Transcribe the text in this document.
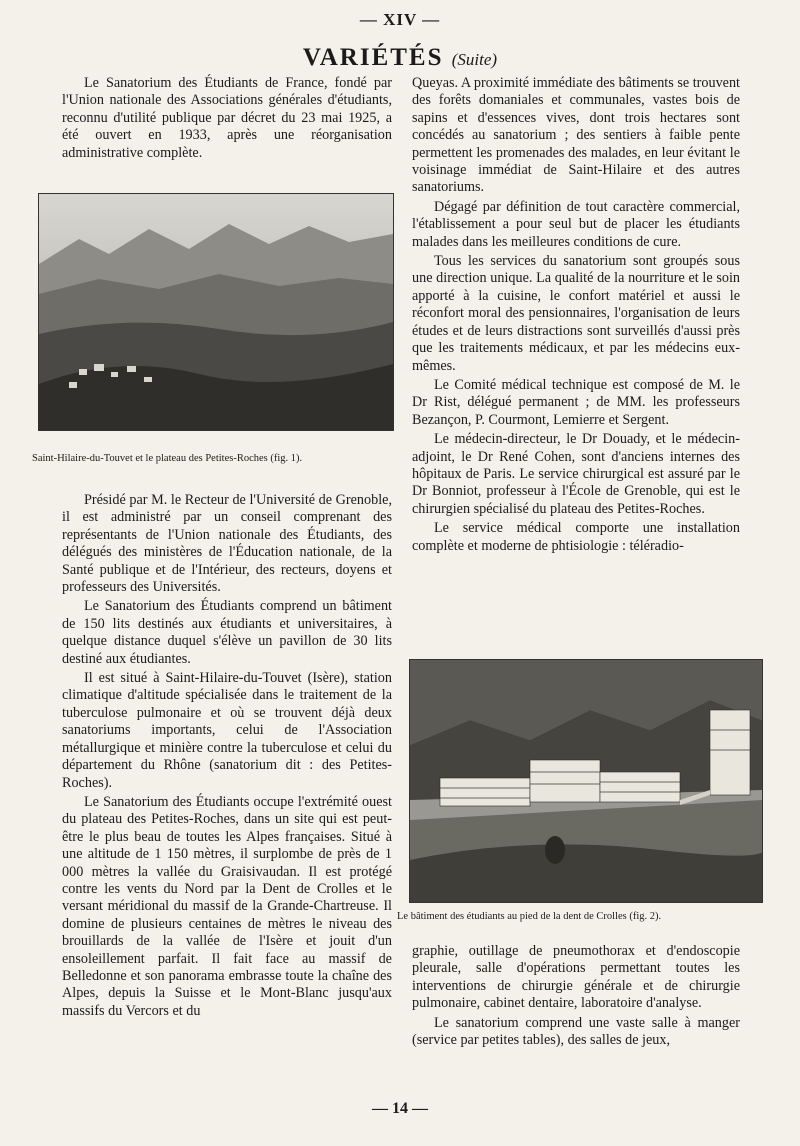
— XIV —
VARIÉTÉS (Suite)

Le Sanatorium des Étudiants de France, fondé par l'Union nationale des Associations générales d'étudiants, reconnu d'utilité publique par décret du 23 mai 1925, a été ouvert en 1933, après une réorganisation administrative complète.

Saint-Hilaire-du-Touvet et le plateau des Petites-Roches (fig. 1).

Présidé par M. le Recteur de l'Université de Grenoble, il est administré par un conseil comprenant des représentants de l'Union nationale des Étudiants, des délégués des ministères de l'Éducation nationale, de la Santé publique et de l'Intérieur, des recteurs, doyens et professeurs des Universités.

Le Sanatorium des Étudiants comprend un bâtiment de 150 lits destinés aux étudiants et universitaires, à quelque distance duquel s'élève un pavillon de 30 lits destiné aux étudiantes.

Il est situé à Saint-Hilaire-du-Touvet (Isère), station climatique d'altitude spécialisée dans le traitement de la tuberculose pulmonaire et où se trouvent déjà deux sanatoriums importants, celui de l'Association métallurgique et minière contre la tuberculose et celui du département du Rhône (sanatorium dit : des Petites-Roches).

Le Sanatorium des Étudiants occupe l'extrémité ouest du plateau des Petites-Roches, dans un site qui est peut-être le plus beau de toutes les Alpes françaises. Situé à une altitude de 1 150 mètres, il surplombe de près de 1 000 mètres la vallée du Graisivaudan. Il est protégé contre les vents du Nord par la Dent de Crolles et le versant méridional du massif de la Grande-Chartreuse. Il domine de plusieurs centaines de mètres le niveau des brouillards de la vallée de l'Isère et jouit d'un ensoleillement parfait. Il fait face au massif de Belledonne et son panorama embrasse toute la chaîne des Alpes, depuis la Suisse et le Mont-Blanc jusqu'aux massifs du Vercors et du

Queyas. A proximité immédiate des bâtiments se trouvent des forêts domaniales et communales, vastes bois de sapins et d'essences vives, dont trois hectares sont concédés au sanatorium ; des sentiers à faible pente permettent les promenades des malades, en leur évitant le voisinage immédiat de Saint-Hilaire et des autres sanatoriums.

Dégagé par définition de tout caractère commercial, l'établissement a pour seul but de placer les étudiants malades dans les meilleures conditions de cure.

Tous les services du sanatorium sont groupés sous une direction unique. La qualité de la nourriture et le soin apporté à la cuisine, le confort matériel et aussi le réconfort moral des pensionnaires, l'organisation de leurs études et de leurs distractions sont surveillés d'aussi près que les traitements médicaux, et par les médecins eux-mêmes.

Le Comité médical technique est composé de M. le Dr Rist, délégué permanent ; de MM. les professeurs Bezançon, P. Courmont, Lemierre et Sergent.

Le médecin-directeur, le Dr Douady, et le médecin-adjoint, le Dr René Cohen, sont d'anciens internes des hôpitaux de Paris. Le service chirurgical est assuré par le Dr Bonniot, professeur à l'École de Grenoble, qui est le chirurgien spécialisé du plateau des Petites-Roches.

Le service médical comporte une installation complète et moderne de phtisiologie : téléradio-

Le bâtiment des étudiants au pied de la dent de Crolles (fig. 2).

graphie, outillage de pneumothorax et d'endoscopie pleurale, salle d'opérations permettant toutes les interventions de chirurgie générale et de chirurgie pulmonaire, cabinet dentaire, laboratoire d'analyse.

Le sanatorium comprend une vaste salle à manger (service par petites tables), des salles de jeux,

— 14 —
